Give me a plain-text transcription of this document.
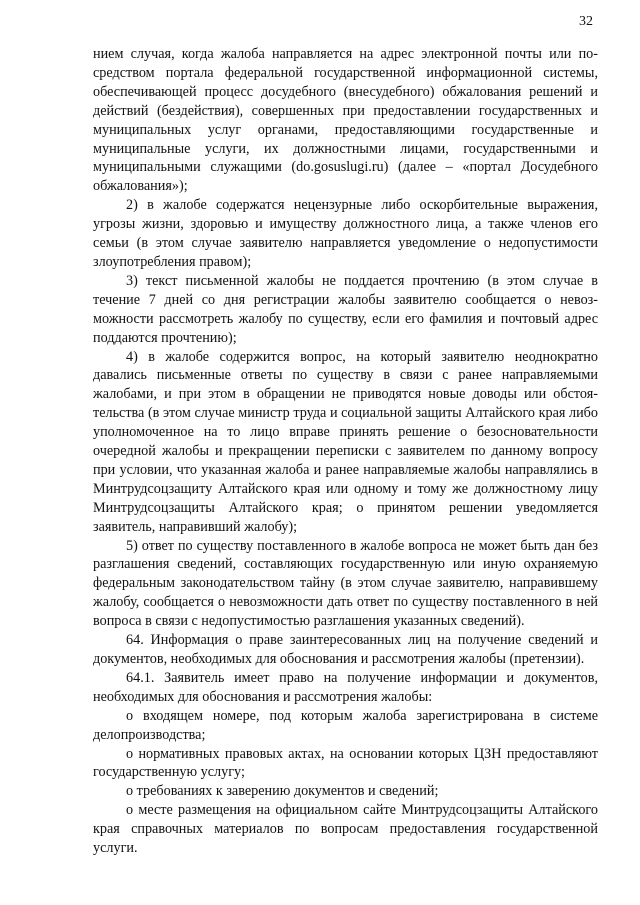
32

нием случая, когда жалоба направляется на адрес электронной почты или посредством портала федеральной государственной информационной системы, обеспечивающей процесс досудебного (внесудебного) обжалования решений и действий (бездействия), совершенных при предоставлении государственных и муниципальных услуг органами, предоставляющими государственные и муниципальные услуги, их должностными лицами, государственными и муниципальными служащими (do.gosuslugi.ru) (далее – «портал Досудебного обжалования»);

2) в жалобе содержатся нецензурные либо оскорбительные выражения, угрозы жизни, здоровью и имуществу должностного лица, а также членов его семьи (в этом случае заявителю направляется уведомление о недопустимости злоупотребления правом);

3) текст письменной жалобы не поддается прочтению (в этом случае в течение 7 дней со дня регистрации жалобы заявителю сообщается о невозможности рассмотреть жалобу по существу, если его фамилия и почтовый адрес поддаются прочтению);

4) в жалобе содержится вопрос, на который заявителю неоднократно давались письменные ответы по существу в связи с ранее направляемыми жалобами, и при этом в обращении не приводятся новые доводы или обстоятельства (в этом случае министр труда и социальной защиты Алтайского края либо уполномоченное на то лицо вправе принять решение о безосновательности очередной жалобы и прекращении переписки с заявителем по данному вопросу при условии, что указанная жалоба и ранее направляемые жалобы направлялись в Минтрудсоцзащиту Алтайского края или одному и тому же должностному лицу Минтрудсоцзащиты Алтайского края; о принятом решении уведомляется заявитель, направивший жалобу);

5) ответ по существу поставленного в жалобе вопроса не может быть дан без разглашения сведений, составляющих государственную или иную охраняемую федеральным законодательством тайну (в этом случае заявителю, направившему жалобу, сообщается о невозможности дать ответ по существу поставленного в ней вопроса в связи с недопустимостью разглашения указанных сведений).

64. Информация о праве заинтересованных лиц на получение сведений и документов, необходимых для обоснования и рассмотрения жалобы (претензии).

64.1. Заявитель имеет право на получение информации и документов, необходимых для обоснования и рассмотрения жалобы:

о входящем номере, под которым жалоба зарегистрирована в системе делопроизводства;

о нормативных правовых актах, на основании которых ЦЗН предоставляют государственную услугу;

о требованиях к заверению документов и сведений;

о месте размещения на официальном сайте Минтрудсоцзащиты Алтайского края справочных материалов по вопросам предоставления государственной услуги.
